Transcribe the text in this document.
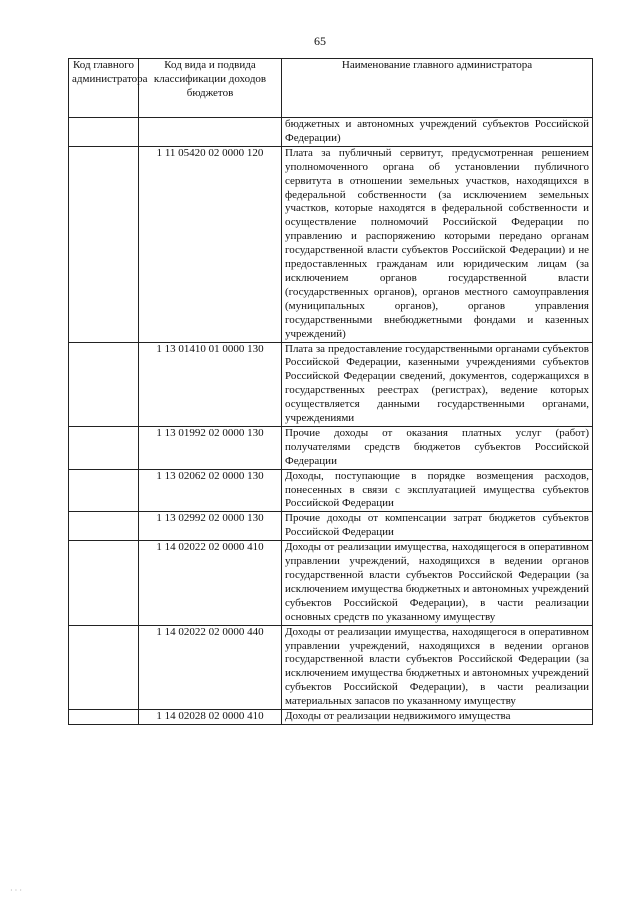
65
Код главного администратора	Код вида и подвида классификации доходов бюджетов	Наименование главного администратора
		бюджетных и автономных учреждений субъектов Российской Федерации)
	1 11 05420 02 0000 120	Плата за публичный сервитут, предусмотренная решением уполномоченного органа об установлении публичного сервитута в отношении земельных участков, находящихся в федеральной собственности (за исключением земельных участков, которые находятся в федеральной собственности и осуществление полномочий Российской Федерации по управлению и распоряжению которыми передано органам государственной власти субъектов Российской Федерации) и не предоставленных гражданам или юридическим лицам (за исключением органов государственной власти (государственных органов), органов местного самоуправления (муниципальных органов), органов управления государственными внебюджетными фондами и казенных учреждений)
	1 13 01410 01 0000 130	Плата за предоставление государственными органами субъектов Российской Федерации, казенными учреждениями субъектов Российской Федерации сведений, документов, содержащихся в государственных реестрах (регистрах), ведение которых осуществляется данными государственными органами, учреждениями
	1 13 01992 02 0000 130	Прочие доходы от оказания платных услуг (работ) получателями средств бюджетов субъектов Российской Федерации
	1 13 02062 02 0000 130	Доходы, поступающие в порядке возмещения расходов, понесенных в связи с эксплуатацией имущества субъектов Российской Федерации
	1 13 02992 02 0000 130	Прочие доходы от компенсации затрат бюджетов субъектов Российской Федерации
	1 14 02022 02 0000 410	Доходы от реализации имущества, находящегося в оперативном управлении учреждений, находящихся в ведении органов государственной власти субъектов Российской Федерации (за исключением имущества бюджетных и автономных учреждений субъектов Российской Федерации), в части реализации основных средств по указанному имуществу
	1 14 02022 02 0000 440	Доходы от реализации имущества, находящегося в оперативном управлении учреждений, находящихся в ведении органов государственной власти субъектов Российской Федерации (за исключением имущества бюджетных и автономных учреждений субъектов Российской Федерации), в части реализации материальных запасов по указанному имуществу
	1 14 02028 02 0000 410	Доходы от реализации недвижимого имущества
· · ·
